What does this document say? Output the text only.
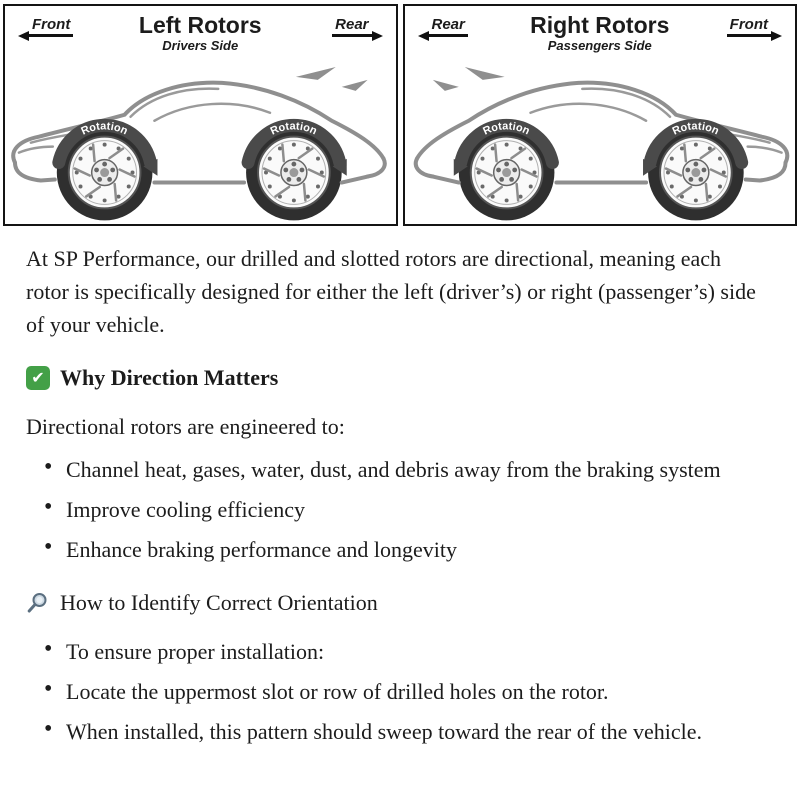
Front	Left Rotors
Drivers Side
Rear	Rear	Right Rotors
Passengers Side
Front

At SP Performance, our drilled and slotted rotors are directional, meaning each rotor is specifically designed for either the left (driver’s) or right (passenger’s) side of your vehicle.

✔ Why Direction Matters

Directional rotors are engineered to:

• Channel heat, gases, water, dust, and debris away from the braking system
• Improve cooling efficiency
• Enhance braking performance and longevity
How to Identify Correct Orientation
• To ensure proper installation:
• Locate the uppermost slot or row of drilled holes on the rotor.
• When installed, this pattern should sweep toward the rear of the vehicle.
